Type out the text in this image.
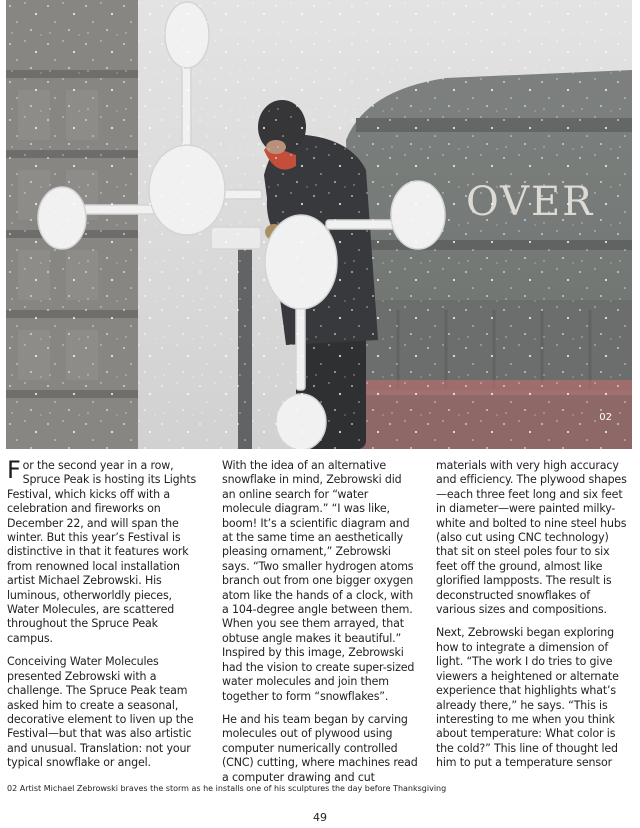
02

For the second year in a row, Spruce Peak is hosting its Lights Festival, which kicks off with a celebration and fireworks on December 22, and will span the winter. But this year’s Festival is distinctive in that it features work from renowned local installation artist Michael Zebrowski. His luminous, otherworldly pieces, Water Molecules, are scattered throughout the Spruce Peak campus.

Conceiving Water Molecules presented Zebrowski with a challenge. The Spruce Peak team asked him to create a seasonal, decorative element to liven up the Festival—but that was also artistic and unusual. Translation: not your typical snowflake or angel.

With the idea of an alternative snowflake in mind, Zebrowski did an online search for “water molecule diagram.” “I was like, boom! It’s a scientific diagram and at the same time an aesthetically pleasing ornament,” Zebrowski says. “Two smaller hydrogen atoms branch out from one bigger oxygen atom like the hands of a clock, with a 104-degree angle between them. When you see them arrayed, that obtuse angle makes it beautiful.” Inspired by this image, Zebrowski had the vision to create super-sized water molecules and join them together to form “snowflakes”.

He and his team began by carving molecules out of plywood using computer numerically controlled (CNC) cutting, where machines read a computer drawing and cut

materials with very high accuracy and efficiency. The plywood shapes—each three feet long and six feet in diameter—were painted milky-white and bolted to nine steel hubs (also cut using CNC technology) that sit on steel poles four to six feet off the ground, almost like glorified lampposts. The result is deconstructed snowflakes of various sizes and compositions.

Next, Zebrowski began exploring how to integrate a dimension of light. “The work I do tries to give viewers a heightened or alternate experience that highlights what’s already there,” he says. “This is interesting to me when you think about temperature: What color is the cold?” This line of thought led him to put a temperature sensor

02 Artist Michael Zebrowski braves the storm as he installs one of his sculptures the day before Thanksgiving
49
